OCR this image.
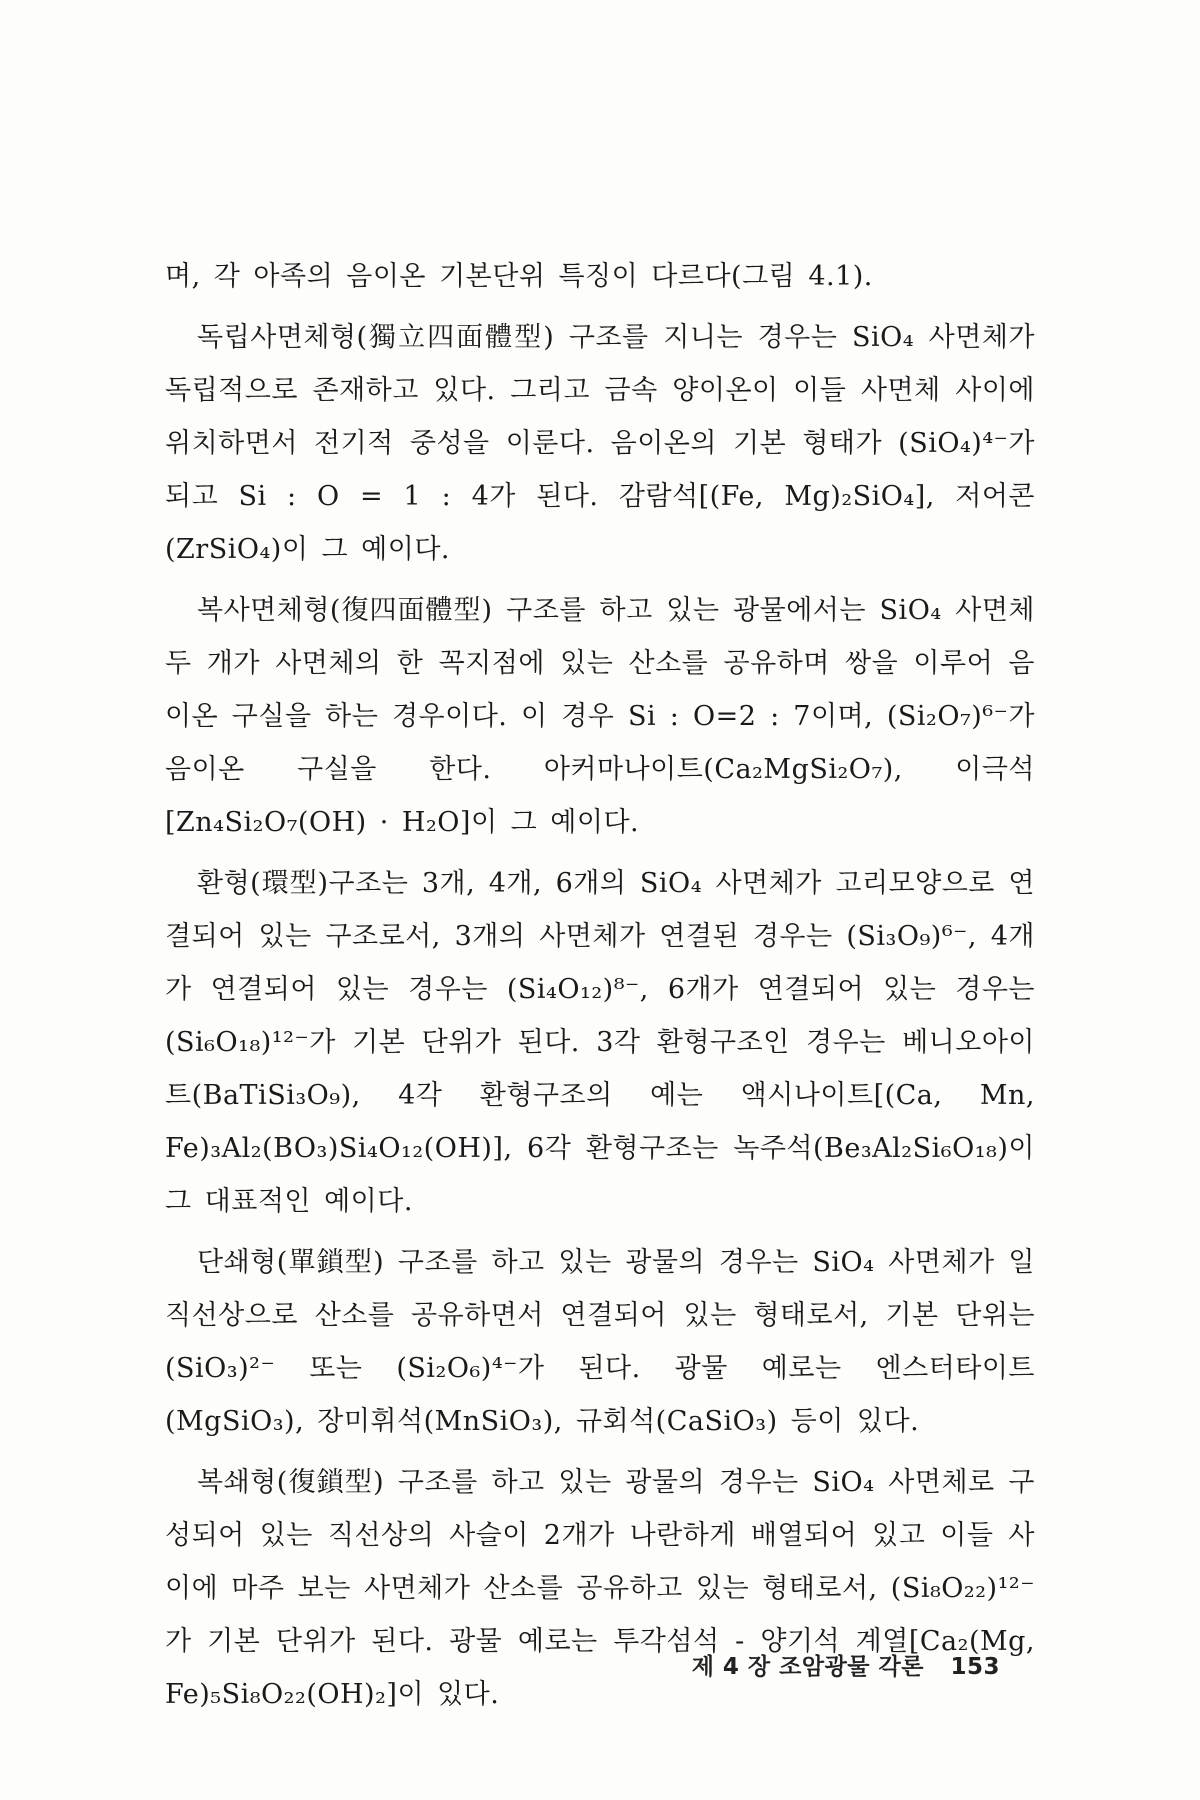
며, 각 아족의 음이온 기본단위 특징이 다르다(그림 4.1).

독립사면체형(獨立四面體型) 구조를 지니는 경우는 SiO₄ 사면체가 독립적으로 존재하고 있다. 그리고 금속 양이온이 이들 사면체 사이에 위치하면서 전기적 중성을 이룬다. 음이온의 기본 형태가 (SiO₄)⁴⁻가 되고 Si : O = 1 : 4가 된다. 감람석[(Fe, Mg)₂SiO₄], 저어콘 (ZrSiO₄)이 그 예이다.

복사면체형(復四面體型) 구조를 하고 있는 광물에서는 SiO₄ 사면체 두 개가 사면체의 한 꼭지점에 있는 산소를 공유하며 쌍을 이루어 음이온 구실을 하는 경우이다. 이 경우 Si : O=2 : 7이며, (Si₂O₇)⁶⁻가 음이온 구실을 한다. 아커마나이트(Ca₂MgSi₂O₇), 이극석 [Zn₄Si₂O₇(OH) · H₂O]이 그 예이다.

환형(環型)구조는 3개, 4개, 6개의 SiO₄ 사면체가 고리모양으로 연결되어 있는 구조로서, 3개의 사면체가 연결된 경우는 (Si₃O₉)⁶⁻, 4개가 연결되어 있는 경우는 (Si₄O₁₂)⁸⁻, 6개가 연결되어 있는 경우는 (Si₆O₁₈)¹²⁻가 기본 단위가 된다. 3각 환형구조인 경우는 베니오아이트(BaTiSi₃O₉), 4각 환형구조의 예는 액시나이트[(Ca, Mn, Fe)₃Al₂(BO₃)Si₄O₁₂(OH)], 6각 환형구조는 녹주석(Be₃Al₂Si₆O₁₈)이 그 대표적인 예이다.

단쇄형(單鎖型) 구조를 하고 있는 광물의 경우는 SiO₄ 사면체가 일직선상으로 산소를 공유하면서 연결되어 있는 형태로서, 기본 단위는 (SiO₃)²⁻ 또는 (Si₂O₆)⁴⁻가 된다. 광물 예로는 엔스터타이트 (MgSiO₃), 장미휘석(MnSiO₃), 규회석(CaSiO₃) 등이 있다.

복쇄형(復鎖型) 구조를 하고 있는 광물의 경우는 SiO₄ 사면체로 구성되어 있는 직선상의 사슬이 2개가 나란하게 배열되어 있고 이들 사이에 마주 보는 사면체가 산소를 공유하고 있는 형태로서, (Si₈O₂₂)¹²⁻가 기본 단위가 된다. 광물 예로는 투각섬석 - 양기석 계열[Ca₂(Mg, Fe)₅Si₈O₂₂(OH)₂]이 있다.

제 4 장 조암광물 각론 153
